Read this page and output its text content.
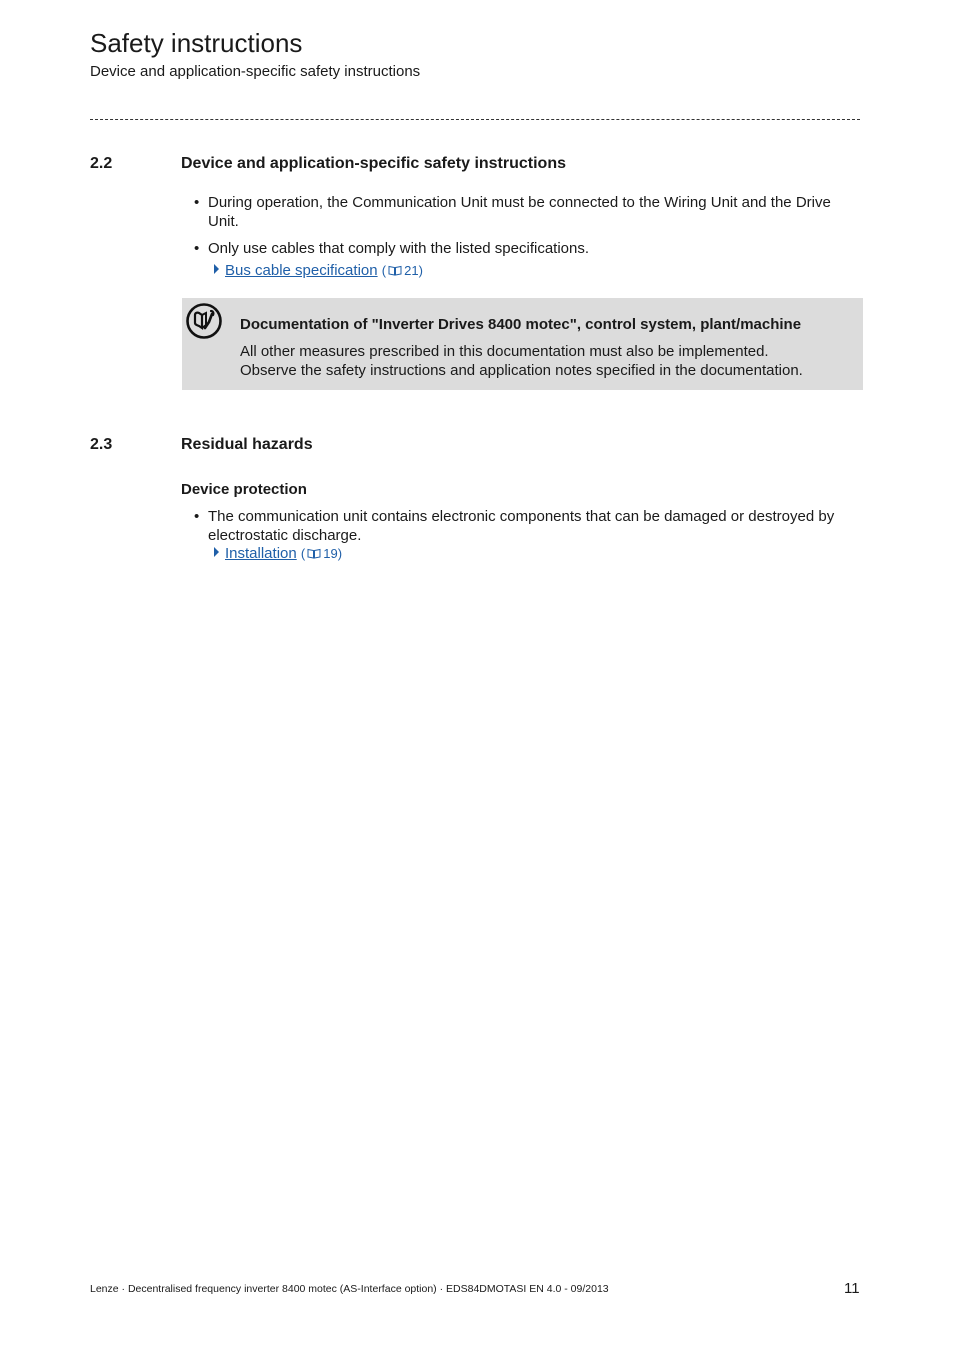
Safety instructions
Device and application-specific safety instructions
2.2	Device and application-specific safety instructions
• During operation, the Communication Unit must be connected to the Wiring Unit and the Drive Unit.
• Only use cables that comply with the listed specifications.
Bus cable specification ( 21)
Documentation of "Inverter Drives 8400 motec", control system, plant/machine
All other measures prescribed in this documentation must also be implemented.
Observe the safety instructions and application notes specified in the documentation.
2.3	Residual hazards
Device protection
• The communication unit contains electronic components that can be damaged or destroyed by electrostatic discharge.
Installation ( 19)
Lenze · Decentralised frequency inverter 8400 motec (AS-Interface option) · EDS84DMOTASI EN 4.0 - 09/2013	11
